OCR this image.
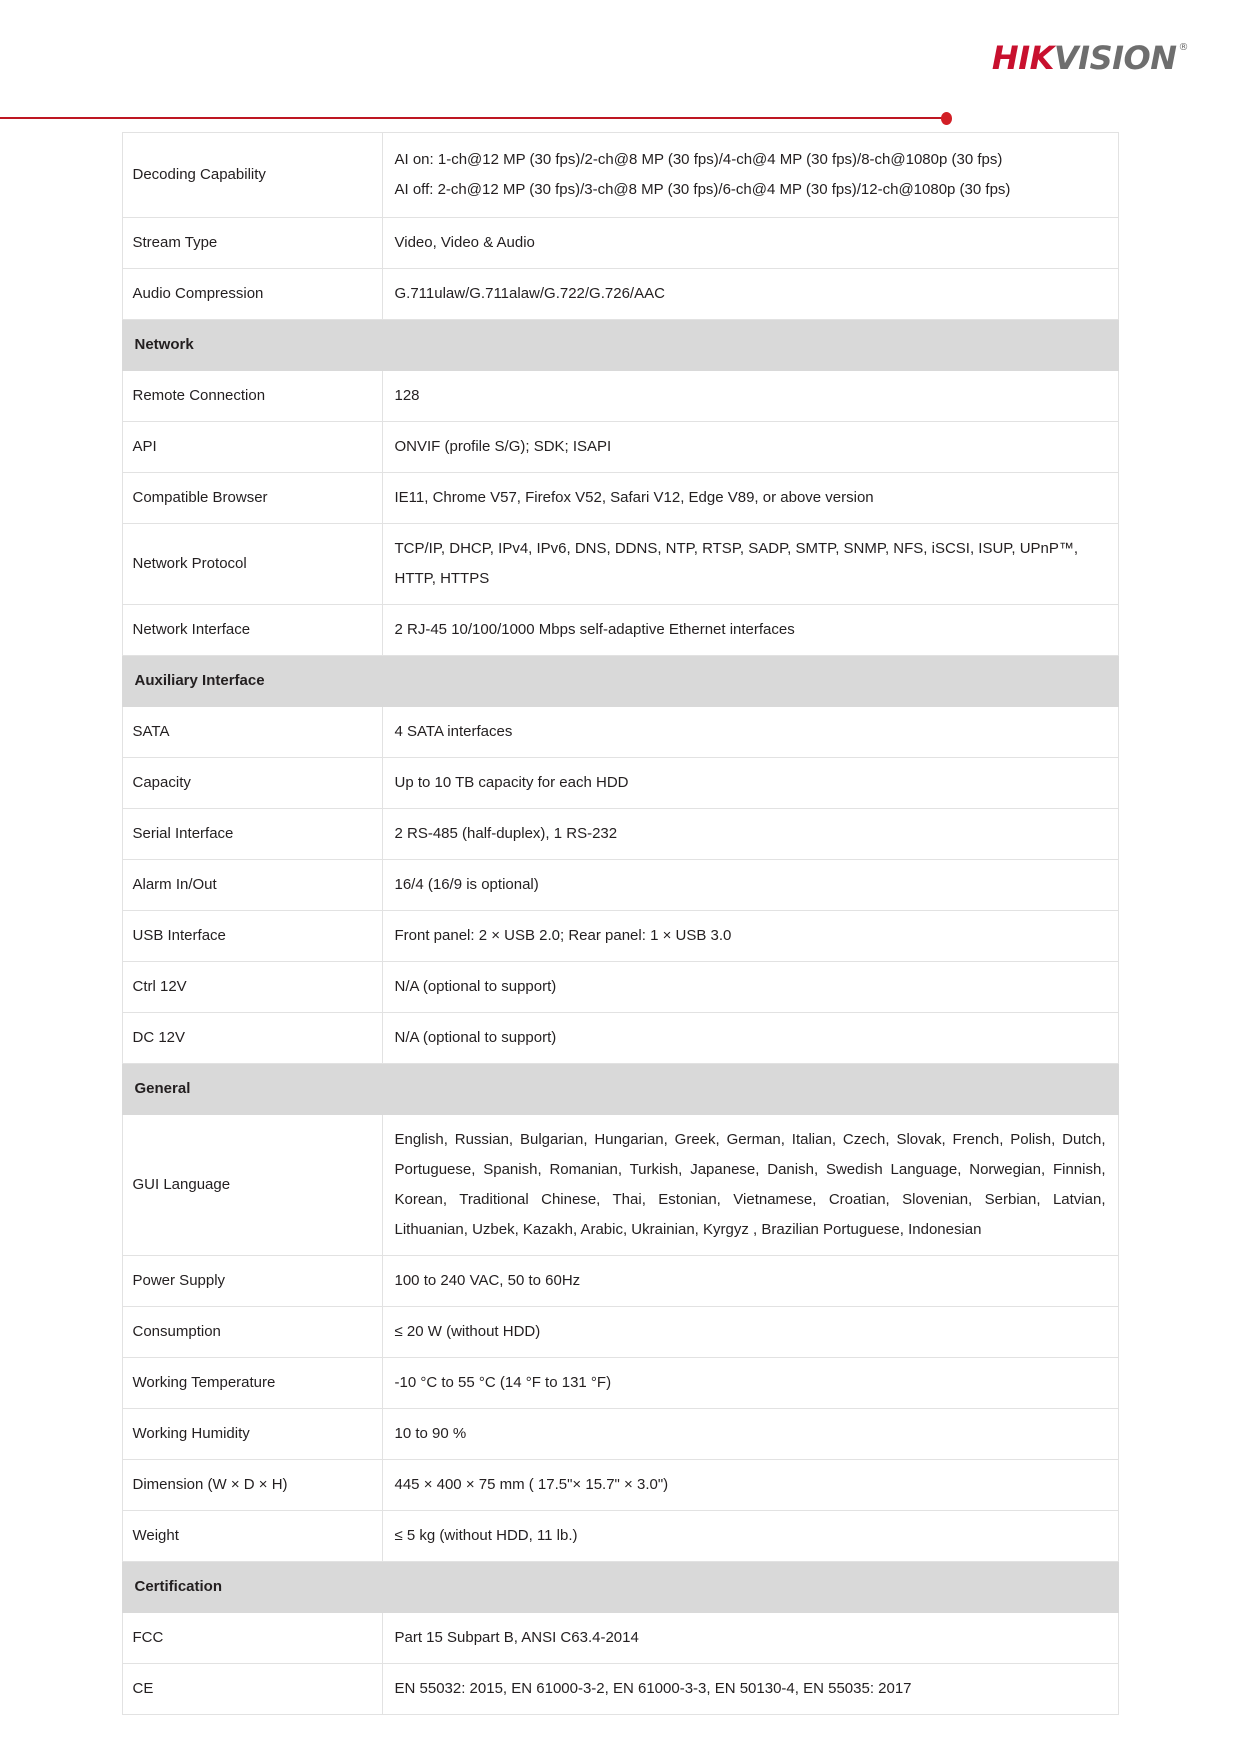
HIK VISION ®
Decoding Capability	AI on: 1-ch@12 MP (30 fps)/2-ch@8 MP (30 fps)/4-ch@4 MP (30 fps)/8-ch@1080p (30 fps)
AI off: 2-ch@12 MP (30 fps)/3-ch@8 MP (30 fps)/6-ch@4 MP (30 fps)/12-ch@1080p (30 fps)

Stream Type	Video, Video & Audio

Audio Compression	G.711ulaw/G.711alaw/G.722/G.726/AAC

Network	
Remote Connection	128

API	ONVIF (profile S/G); SDK; ISAPI

Compatible Browser	IE11, Chrome V57, Firefox V52, Safari V12, Edge V89, or above version

Network Protocol	TCP/IP, DHCP, IPv4, IPv6, DNS, DDNS, NTP, RTSP, SADP, SMTP, SNMP, NFS, iSCSI, ISUP, UPnP™, HTTP, HTTPS

Network Interface	2 RJ-45 10/100/1000 Mbps self-adaptive Ethernet interfaces

Auxiliary Interface	
SATA	4 SATA interfaces

Capacity	Up to 10 TB capacity for each HDD

Serial Interface	2 RS-485 (half-duplex), 1 RS-232

Alarm In/Out	16/4 (16/9 is optional)

USB Interface	Front panel: 2 × USB 2.0; Rear panel: 1 × USB 3.0

Ctrl 12V	N/A (optional to support)

DC 12V	N/A (optional to support)

General	
GUI Language	English, Russian, Bulgarian, Hungarian, Greek, German, Italian, Czech, Slovak, French, Polish, Dutch, Portuguese, Spanish, Romanian, Turkish, Japanese, Danish, Swedish Language, Norwegian, Finnish, Korean, Traditional Chinese, Thai, Estonian, Vietnamese, Croatian, Slovenian, Serbian, Latvian, Lithuanian, Uzbek, Kazakh, Arabic, Ukrainian, Kyrgyz , Brazilian Portuguese, Indonesian

Power Supply	100 to 240 VAC, 50 to 60Hz

Consumption	≤ 20 W (without HDD)

Working Temperature	-10 °C to 55 °C (14 °F to 131 °F)

Working Humidity	10 to 90 %

Dimension (W × D × H)	445 × 400 × 75 mm ( 17.5"× 15.7" × 3.0")

Weight	≤ 5 kg (without HDD, 11 lb.)

Certification	
FCC	Part 15 Subpart B, ANSI C63.4-2014

CE	EN 55032: 2015, EN 61000-3-2, EN 61000-3-3, EN 50130-4, EN 55035: 2017
